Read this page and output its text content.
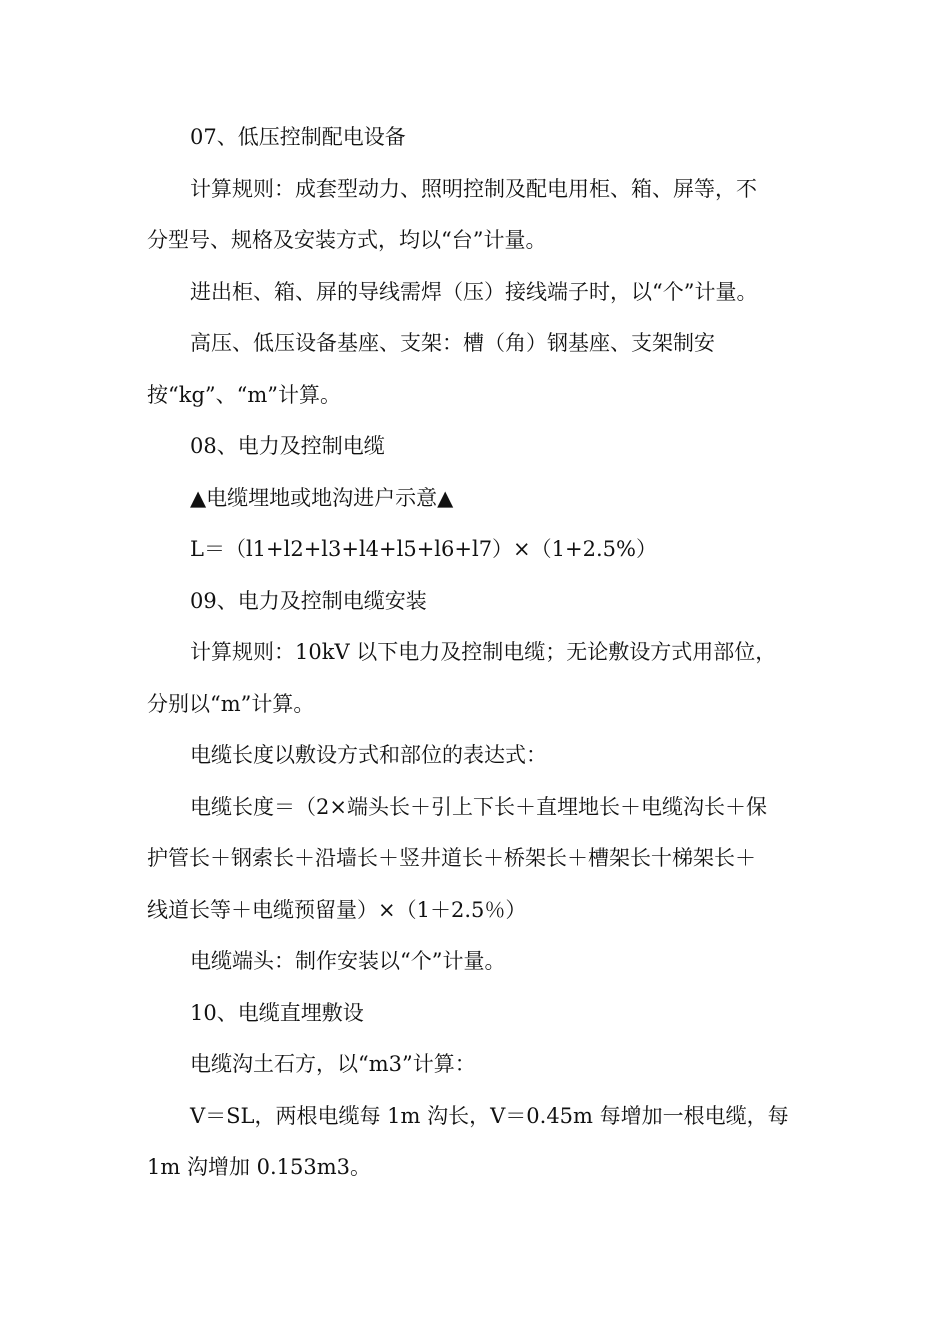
07、低压控制配电设备
计算规则：成套型动力、照明控制及配电用柜、箱、屏等，不
分型号、规格及安装方式，均以“台”计量。
进出柜、箱、屏的导线需焊（压）接线端子时，以“个”计量。
高压、低压设备基座、支架：槽（角）钢基座、支架制安
按“kg”、“m”计算。
08、电力及控制电缆
▲电缆埋地或地沟进户示意▲
L＝（l1+l2+l3+l4+l5+l6+l7）×（1+2.5%）
09、电力及控制电缆安装
计算规则：10kV 以下电力及控制电缆；无论敷设方式用部位，
分别以“m”计算。
电缆长度以敷设方式和部位的表达式：
电缆长度＝（2×端头长＋引上下长＋直埋地长＋电缆沟长＋保
护管长＋钢索长＋沿墙长＋竖井道长＋桥架长＋槽架长十梯架长＋
线道长等＋电缆预留量）×（1＋2.5％）
电缆端头：制作安装以“个”计量。
10、电缆直埋敷设
电缆沟土石方，以“m3”计算：
V＝SL，两根电缆每 1m 沟长，V＝0.45m 每增加一根电缆，每
1m 沟增加 0.153m3。
